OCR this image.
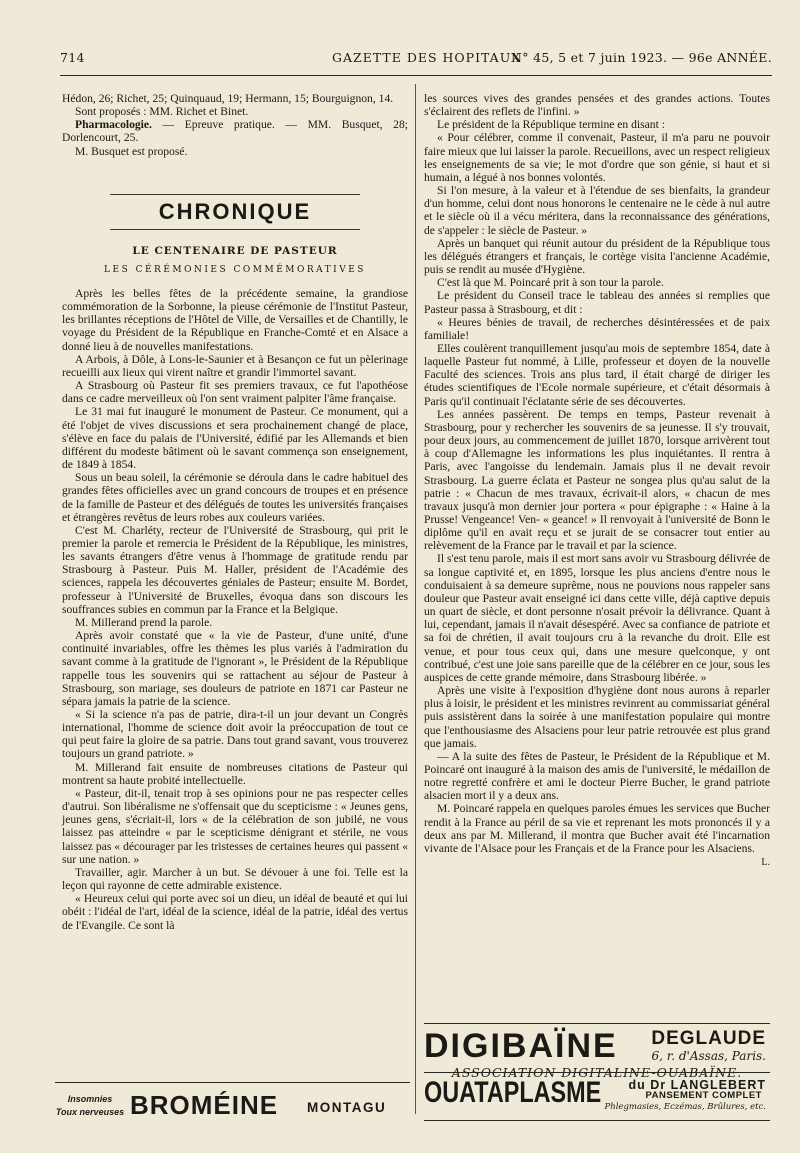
714	GAZETTE DES HOPITAUX
N° 45, 5 et 7 juin 1923. — 96e ANNÉE.

Hédon, 26; Richet, 25; Quinquaud, 19; Hermann, 15; Bourguignon, 14.

Sont proposés : MM. Richet et Binet.

Pharmacologie. — Epreuve pratique. — MM. Busquet, 28; Dorlencourt, 25.

M. Busquet est proposé.

CHRONIQUE
LE CENTENAIRE DE PASTEUR
LES CÉRÉMONIES COMMÉMORATIVES

Après les belles fêtes de la précédente semaine, la grandiose commémoration de la Sorbonne, la pieuse cérémonie de l'Institut Pasteur, les brillantes réceptions de l'Hôtel de Ville, de Versailles et de Chantilly, le voyage du Président de la République en Franche-Comté et en Alsace a donné lieu à de nouvelles manifestations.

A Arbois, à Dôle, à Lons-le-Saunier et à Besançon ce fut un pèlerinage recueilli aux lieux qui virent naître et grandir l'immortel savant.

A Strasbourg où Pasteur fit ses premiers travaux, ce fut l'apothéose dans ce cadre merveilleux où l'on sent vraiment palpiter l'âme française.

Le 31 mai fut inauguré le monument de Pasteur. Ce monument, qui a été l'objet de vives discussions et sera prochainement changé de place, s'élève en face du palais de l'Université, édifié par les Allemands et bien différent du modeste bâtiment où le savant commença son enseignement, de 1849 à 1854.

Sous un beau soleil, la cérémonie se déroula dans le cadre habituel des grandes fêtes officielles avec un grand concours de troupes et en présence de la famille de Pasteur et des délégués de toutes les universités françaises et étrangères revêtus de leurs robes aux couleurs variées.

C'est M. Charléty, recteur de l'Université de Strasbourg, qui prit le premier la parole et remercia le Président de la République, les ministres, les savants étrangers d'être venus à l'hommage de gratitude rendu par Strasbourg à Pasteur. Puis M. Haller, président de l'Académie des sciences, rappela les découvertes géniales de Pasteur; ensuite M. Bordet, professeur à l'Université de Bruxelles, évoqua dans son discours les souffrances subies en commun par la France et la Belgique.

M. Millerand prend la parole.

Après avoir constaté que « la vie de Pasteur, d'une unité, d'une continuité invariables, offre les thèmes les plus variés à l'admiration du savant comme à la gratitude de l'ignorant », le Président de la République rappelle tous les souvenirs qui se rattachent au séjour de Pasteur à Strasbourg, son mariage, ses douleurs de patriote en 1871 car Pasteur ne sépara jamais la patrie de la science.

« Si la science n'a pas de patrie, dira-t-il un jour devant un Congrès international, l'homme de science doit avoir la préoccupation de tout ce qui peut faire la gloire de sa patrie. Dans tout grand savant, vous trouverez toujours un grand patriote. »

M. Millerand fait ensuite de nombreuses citations de Pasteur qui montrent sa haute probité intellectuelle.

« Pasteur, dit-il, tenait trop à ses opinions pour ne pas respecter celles d'autrui. Son libéralisme ne s'offensait que du scepticisme : « Jeunes gens, jeunes gens, s'écriait-il, lors « de la célébration de son jubilé, ne vous laissez pas atteindre « par le scepticisme dénigrant et stérile, ne vous laissez pas « décourager par les tristesses de certaines heures qui passent « sur une nation. »

Travailler, agir. Marcher à un but. Se dévouer à une foi. Telle est la leçon qui rayonne de cette admirable existence.

« Heureux celui qui porte avec soi un dieu, un idéal de beauté et qui lui obéit : l'idéal de l'art, idéal de la science, idéal de la patrie, idéal des vertus de l'Evangile. Ce sont là

les sources vives des grandes pensées et des grandes actions. Toutes s'éclairent des reflets de l'infini. »

Le président de la République termine en disant :

« Pour célébrer, comme il convenait, Pasteur, il m'a paru ne pouvoir faire mieux que lui laisser la parole. Recueillons, avec un respect religieux les enseignements de sa vie; le mot d'ordre que son génie, si haut et si humain, a légué à nos bonnes volontés.

Si l'on mesure, à la valeur et à l'étendue de ses bienfaits, la grandeur d'un homme, celui dont nous honorons le centenaire ne le cède à nul autre et le siècle où il a vécu méritera, dans la reconnaissance des générations, de s'appeler : le siècle de Pasteur. »

Après un banquet qui réunit autour du président de la République tous les délégués étrangers et français, le cortège visita l'ancienne Académie, puis se rendit au musée d'Hygiène.

C'est là que M. Poincaré prit à son tour la parole.

Le président du Conseil trace le tableau des années si remplies que Pasteur passa à Strasbourg, et dit :

« Heures bénies de travail, de recherches désintéressées et de paix familiale!

Elles coulèrent tranquillement jusqu'au mois de septembre 1854, date à laquelle Pasteur fut nommé, à Lille, professeur et doyen de la nouvelle Faculté des sciences. Trois ans plus tard, il était chargé de diriger les études scientifiques de l'Ecole normale supérieure, et c'était désormais à Paris qu'il continuait l'éclatante série de ses découvertes.

Les années passèrent. De temps en temps, Pasteur revenait à Strasbourg, pour y rechercher les souvenirs de sa jeunesse. Il s'y trouvait, pour deux jours, au commencement de juillet 1870, lorsque arrivèrent tout à coup d'Allemagne les informations les plus inquiétantes. Il rentra à Paris, avec l'angoisse du lendemain. Jamais plus il ne devait revoir Strasbourg. La guerre éclata et Pasteur ne songea plus qu'au salut de la patrie : « Chacun de mes travaux, écrivait-il alors, « chacun de mes travaux jusqu'à mon dernier jour portera « pour épigraphe : « Haine à la Prusse! Vengeance! Ven- « geance! » Il renvoyait à l'université de Bonn le diplôme qu'il en avait reçu et se jurait de se consacrer tout entier au relèvement de la France par le travail et par la science.

Il s'est tenu parole, mais il est mort sans avoir vu Strasbourg délivrée de sa longue captivité et, en 1895, lorsque les plus anciens d'entre nous le conduisaient à sa demeure suprême, nous ne pouvions nous rappeler sans douleur que Pasteur avait enseigné ici dans cette ville, déjà captive depuis un quart de siècle, et dont personne n'osait prévoir la délivrance. Quant à lui, cependant, jamais il n'avait désespéré. Avec sa confiance de patriote et sa foi de chrétien, il avait toujours cru à la revanche du droit. Elle est venue, et pour tous ceux qui, dans une mesure quelconque, y ont contribué, c'est une joie sans pareille que de la célébrer en ce jour, sous les auspices de cette grande mémoire, dans Strasbourg libérée. »

Après une visite à l'exposition d'hygiène dont nous aurons à reparler plus à loisir, le président et les ministres revinrent au commissariat général puis assistèrent dans la soirée à une manifestation populaire qui montre que l'enthousiasme des Alsaciens pour leur patrie retrouvée est plus grand que jamais.

— A la suite des fêtes de Pasteur, le Président de la République et M. Poincaré ont inauguré à la maison des amis de l'université, le médaillon de notre regretté confrère et ami le docteur Pierre Bucher, le grand patriote alsacien mort il y a deux ans.

M. Poincaré rappela en quelques paroles émues les services que Bucher rendit à la France au péril de sa vie et reprenant les mots prononcés il y a deux ans par M. Millerand, il montra que Bucher avait été l'incarnation vivante de l'Alsace pour les Français et de la France pour les Alsaciens.

L.
DIGIBAÏNE DEGLAUDE
6, r. d'Assas, Paris.
ASSOCIATION DIGITALINE-OUABAÏNE.
OUATAPLASME du Dr LANGLEBERT
PANSEMENT COMPLET
Phlegmasies, Eczémas, Brûlures, etc.
Insomnies
Toux nerveuses BROMÉINE MONTAGU
